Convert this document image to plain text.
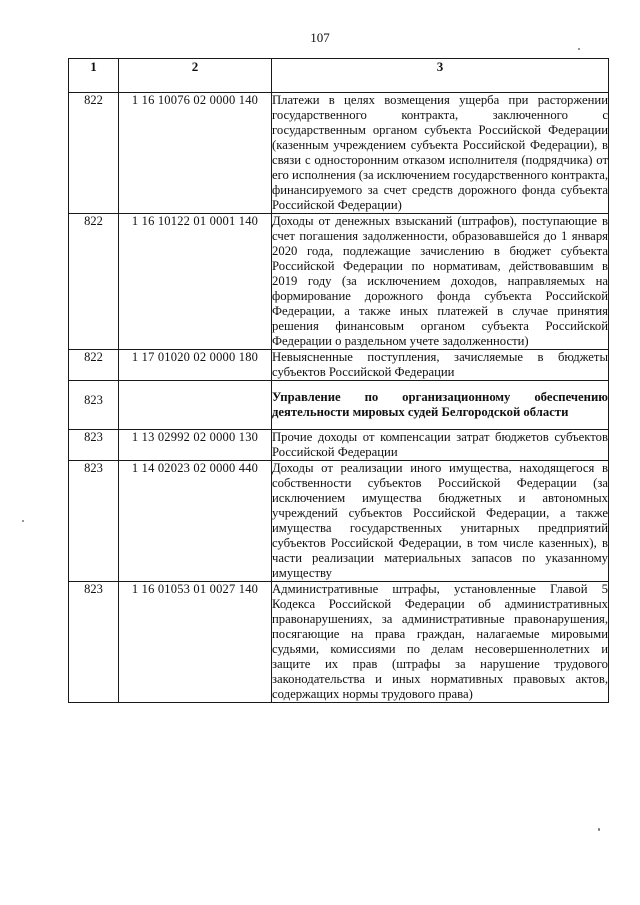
107
1	2	3
822	1 16 10076 02 0000 140	Платежи в целях возмещения ущерба при расторжении государственного контракта, заключенного с государственным органом субъекта Российской Федерации (казенным учреждением субъекта Российской Федерации), в связи с односторонним отказом исполнителя (подрядчика) от его исполнения (за исключением государственного контракта, финансируемого за счет средств дорожного фонда субъекта Российской Федерации)
822	1 16 10122 01 0001 140	Доходы от денежных взысканий (штрафов), поступающие в счет погашения задолженности, образовавшейся до 1 января 2020 года, подлежащие зачислению в бюджет субъекта Российской Федерации по нормативам, действовавшим в 2019 году (за исключением доходов, направляемых на формирование дорожного фонда субъекта Российской Федерации, а также иных платежей в случае принятия решения финансовым органом субъекта Российской Федерации о раздельном учете задолженности)
822	1 17 01020 02 0000 180	Невыясненные поступления, зачисляемые в бюджеты субъектов Российской Федерации
823		Управление по организационному обеспечению деятельности мировых судей Белгородской области
823	1 13 02992 02 0000 130	Прочие доходы от компенсации затрат бюджетов субъектов Российской Федерации
823	1 14 02023 02 0000 440	Доходы от реализации иного имущества, находящегося в собственности субъектов Российской Федерации (за исключением имущества бюджетных и автономных учреждений субъектов Российской Федерации, а также имущества государственных унитарных предприятий субъектов Российской Федерации, в том числе казенных), в части реализации материальных запасов по указанному имуществу
823	1 16 01053 01 0027 140	Административные штрафы, установленные Главой 5 Кодекса Российской Федерации об административных правонарушениях, за административные правонарушения, посягающие на права граждан, налагаемые мировыми судьями, комиссиями по делам несовершеннолетних и защите их прав (штрафы за нарушение трудового законодательства и иных нормативных правовых актов, содержащих нормы трудового права)
